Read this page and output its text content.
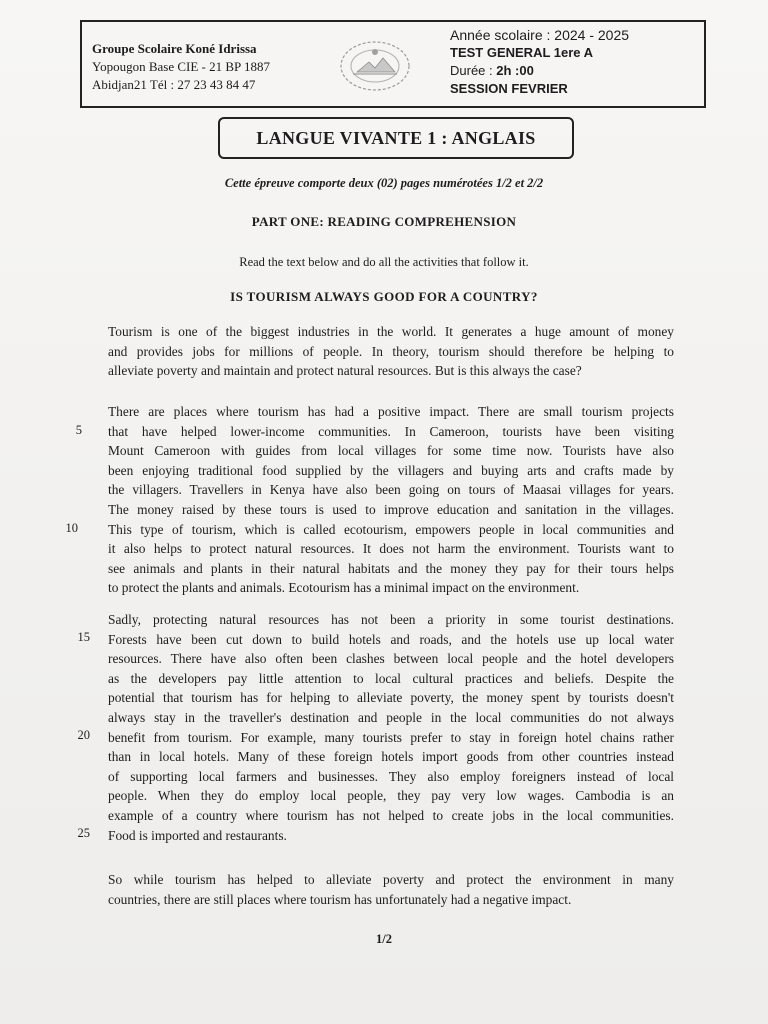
Groupe Scolaire Koné Idrissa
Yopougon Base CIE - 21 BP 1887
Abidjan21 Tél : 27 23 43 84 47
Année scolaire : 2024 - 2025
TEST GENERAL 1ere A
Durée : 2h :00
SESSION FEVRIER
LANGUE VIVANTE 1 : ANGLAIS
Cette épreuve comporte deux (02) pages numérotées 1/2 et 2/2
PART ONE: READING COMPREHENSION
Read the text below and do all the activities that follow it.
IS TOURISM ALWAYS GOOD FOR A COUNTRY?
Tourism is one of the biggest industries in the world. It generates a huge amount of money
and provides jobs for millions of people. In theory, tourism should therefore be helping to
alleviate poverty and maintain and protect natural resources. But is this always the case?
There are places where tourism has had a positive impact. There are small tourism projects
that have helped lower-income communities. In Cameroon, tourists have been visiting
Mount Cameroon with guides from local villages for some time now. Tourists have also
been enjoying traditional food supplied by the villagers and buying arts and crafts made by
the villagers. Travellers in Kenya have also been going on tours of Maasai villages for years.
The money raised by these tours is used to improve education and sanitation in the villages.
This type of tourism, which is called ecotourism, empowers people in local communities and
it also helps to protect natural resources. It does not harm the environment. Tourists want to
see animals and plants in their natural habitats and the money they pay for their tours helps
to protect the plants and animals. Ecotourism has a minimal impact on the environment.
Sadly, protecting natural resources has not been a priority in some tourist destinations.
Forests have been cut down to build hotels and roads, and the hotels use up local water
resources. There have also often been clashes between local people and the hotel developers
as the developers pay little attention to local cultural practices and beliefs. Despite the
potential that tourism has for helping to alleviate poverty, the money spent by tourists doesn't
always stay in the traveller's destination and people in the local communities do not always
benefit from tourism. For example, many tourists prefer to stay in foreign hotel chains rather
than in local hotels. Many of these foreign hotels import goods from other countries instead
of supporting local farmers and businesses. They also employ foreigners instead of local
people. When they do employ local people, they pay very low wages. Cambodia is an
example of a country where tourism has not helped to create jobs in the local communities.
Food is imported and restaurants.
So while tourism has helped to alleviate poverty and protect the environment in many
countries, there are still places where tourism has unfortunately had a negative impact.
5
10
15
20
25
1/2
